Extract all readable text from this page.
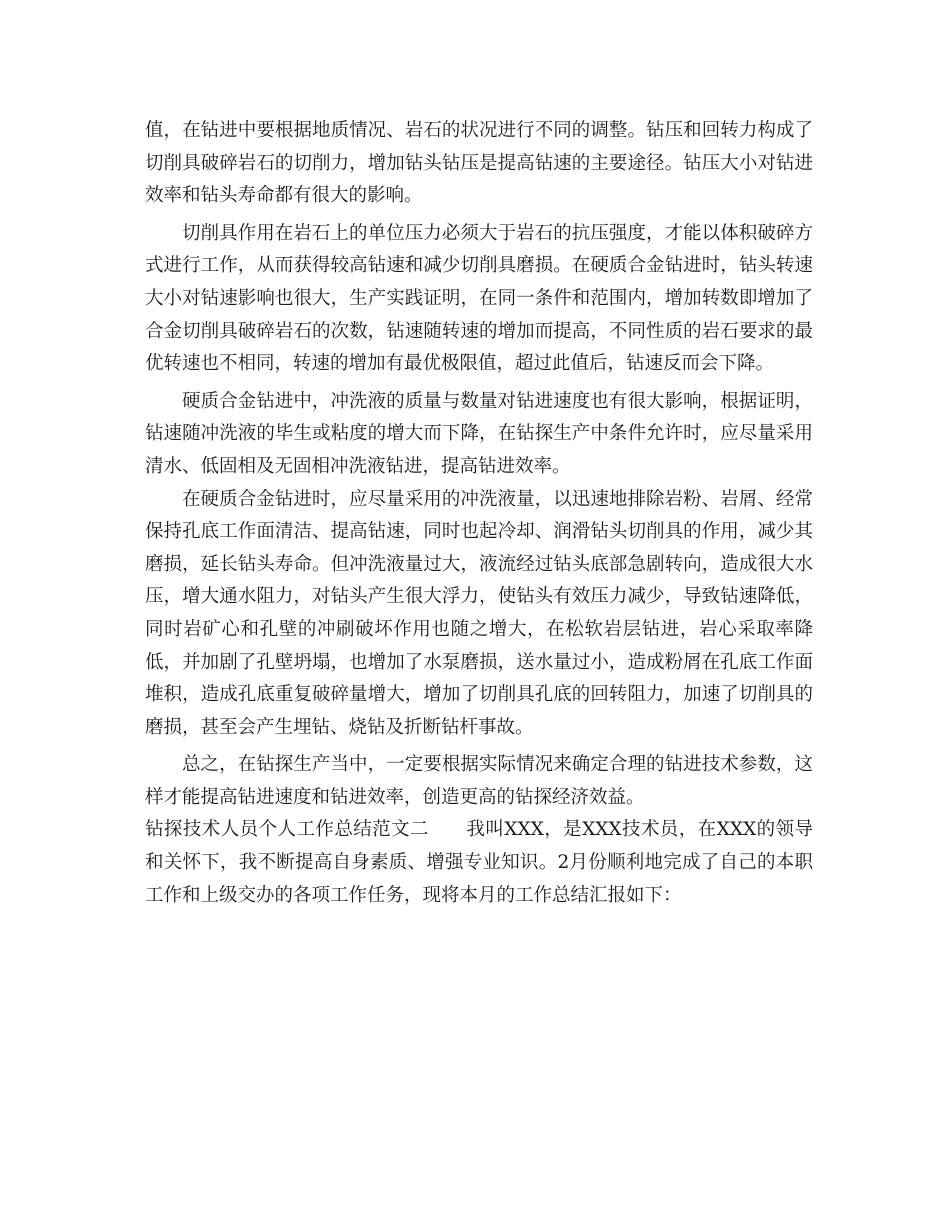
值，在钻进中要根据地质情况、岩石的状况进行不同的调整。钻压和回转力构成了切削具破碎岩石的切削力，增加钻头钻压是提高钻速的主要途径。钻压大小对钻进效率和钻头寿命都有很大的影响。

切削具作用在岩石上的单位压力必须大于岩石的抗压强度，才能以体积破碎方式进行工作，从而获得较高钻速和减少切削具磨损。在硬质合金钻进时，钻头转速大小对钻速影响也很大，生产实践证明，在同一条件和范围内，增加转数即增加了合金切削具破碎岩石的次数，钻速随转速的增加而提高，不同性质的岩石要求的最优转速也不相同，转速的增加有最优极限值，超过此值后，钻速反而会下降。

硬质合金钻进中，冲洗液的质量与数量对钻进速度也有很大影响，根据证明，钻速随冲洗液的毕生或粘度的增大而下降，在钻探生产中条件允许时，应尽量采用清水、低固相及无固相冲洗液钻进，提高钻进效率。

在硬质合金钻进时，应尽量采用的冲洗液量，以迅速地排除岩粉、岩屑、经常保持孔底工作面清洁、提高钻速，同时也起冷却、润滑钻头切削具的作用，减少其磨损，延长钻头寿命。但冲洗液量过大，液流经过钻头底部急剧转向，造成很大水压，增大通水阻力，对钻头产生很大浮力，使钻头有效压力减少，导致钻速降低，同时岩矿心和孔壁的冲刷破坏作用也随之增大，在松软岩层钻进，岩心采取率降低，并加剧了孔壁坍塌，也增加了水泵磨损，送水量过小，造成粉屑在孔底工作面堆积，造成孔底重复破碎量增大，增加了切削具孔底的回转阻力，加速了切削具的磨损，甚至会产生埋钻、烧钻及折断钻杆事故。

总之，在钻探生产当中，一定要根据实际情况来确定合理的钻进技术参数，这样才能提高钻进速度和钻进效率，创造更高的钻探经济效益。

钻探技术人员个人工作总结范文二 我叫XXX，是XXX技术员，在XXX的领导和关怀下，我不断提高自身素质、增强专业知识。2月份顺利地完成了自己的本职工作和上级交办的各项工作任务，现将本月的工作总结汇报如下：
